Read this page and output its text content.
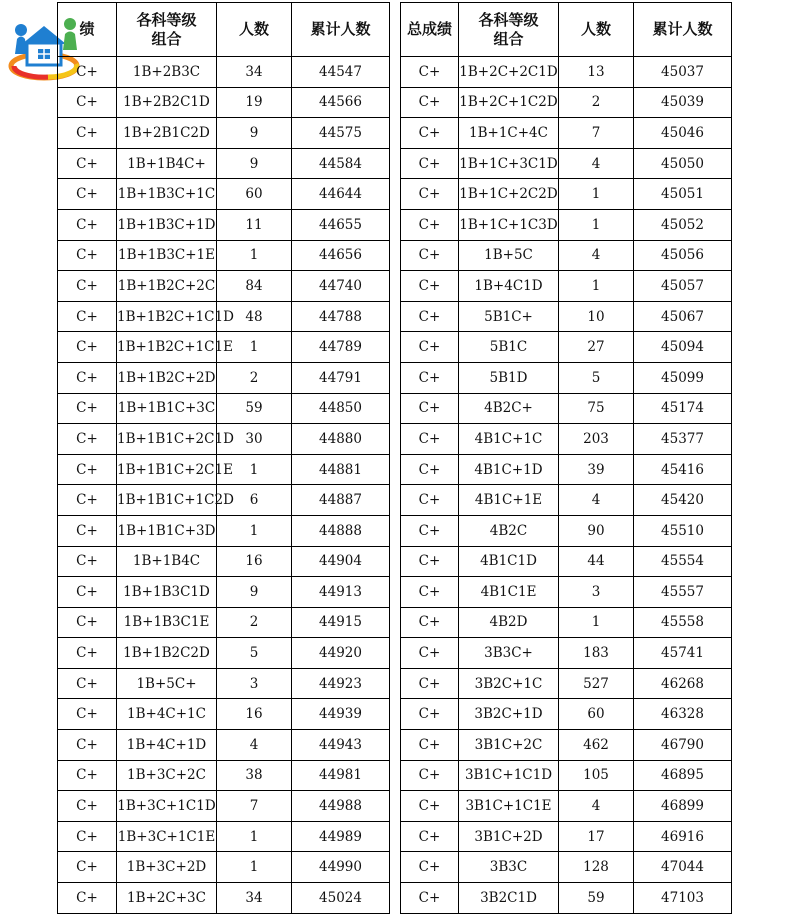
绩	各科等级
组合	人数	累计人数
C+	1B+2B3C	34	44547
C+	1B+2B2C1D	19	44566
C+	1B+2B1C2D	9	44575
C+	1B+1B4C+	9	44584
C+	1B+1B3C+1C	60	44644
C+	1B+1B3C+1D	11	44655
C+	1B+1B3C+1E	1	44656
C+	1B+1B2C+2C	84	44740
C+	1B+1B2C+1C1D	48	44788
C+	1B+1B2C+1C1E	1	44789
C+	1B+1B2C+2D	2	44791
C+	1B+1B1C+3C	59	44850
C+	1B+1B1C+2C1D	30	44880
C+	1B+1B1C+2C1E	1	44881
C+	1B+1B1C+1C2D	6	44887
C+	1B+1B1C+3D	1	44888
C+	1B+1B4C	16	44904
C+	1B+1B3C1D	9	44913
C+	1B+1B3C1E	2	44915
C+	1B+1B2C2D	5	44920
C+	1B+5C+	3	44923
C+	1B+4C+1C	16	44939
C+	1B+4C+1D	4	44943
C+	1B+3C+2C	38	44981
C+	1B+3C+1C1D	7	44988
C+	1B+3C+1C1E	1	44989
C+	1B+3C+2D	1	44990
C+	1B+2C+3C	34	45024
总成绩	各科等级
组合	人数	累计人数
C+	1B+2C+2C1D	13	45037
C+	1B+2C+1C2D	2	45039
C+	1B+1C+4C	7	45046
C+	1B+1C+3C1D	4	45050
C+	1B+1C+2C2D	1	45051
C+	1B+1C+1C3D	1	45052
C+	1B+5C	4	45056
C+	1B+4C1D	1	45057
C+	5B1C+	10	45067
C+	5B1C	27	45094
C+	5B1D	5	45099
C+	4B2C+	75	45174
C+	4B1C+1C	203	45377
C+	4B1C+1D	39	45416
C+	4B1C+1E	4	45420
C+	4B2C	90	45510
C+	4B1C1D	44	45554
C+	4B1C1E	3	45557
C+	4B2D	1	45558
C+	3B3C+	183	45741
C+	3B2C+1C	527	46268
C+	3B2C+1D	60	46328
C+	3B1C+2C	462	46790
C+	3B1C+1C1D	105	46895
C+	3B1C+1C1E	4	46899
C+	3B1C+2D	17	46916
C+	3B3C	128	47044
C+	3B2C1D	59	47103
